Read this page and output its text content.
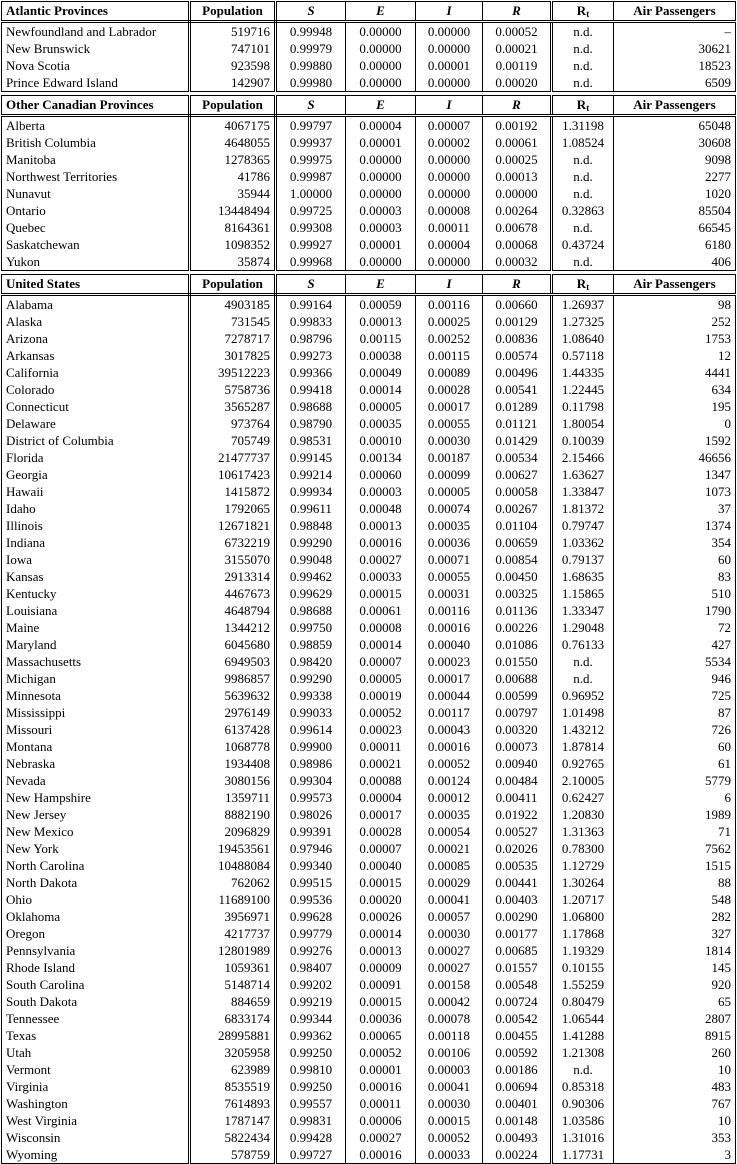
Atlantic Provinces	Population	S	E	I	R	$R_t$	Air Passengers
Newfoundland and Labrador	519716	0.99948	0.00000	0.00000	0.00052	n.d.	–
New Brunswick	747101	0.99979	0.00000	0.00000	0.00021	n.d.	30621
Nova Scotia	923598	0.99880	0.00000	0.00001	0.00119	n.d.	18523
Prince Edward Island	142907	0.99980	0.00000	0.00000	0.00020	n.d.	6509

Other Canadian Provinces	Population	S	E	I	R	$R_t$	Air Passengers
Alberta	4067175	0.99797	0.00004	0.00007	0.00192	1.31198	65048
British Columbia	4648055	0.99937	0.00001	0.00002	0.00061	1.08524	30608
Manitoba	1278365	0.99975	0.00000	0.00000	0.00025	n.d.	9098
Northwest Territories	41786	0.99987	0.00000	0.00000	0.00013	n.d.	2277
Nunavut	35944	1.00000	0.00000	0.00000	0.00000	n.d.	1020
Ontario	13448494	0.99725	0.00003	0.00008	0.00264	0.32863	85504
Quebec	8164361	0.99308	0.00003	0.00011	0.00678	n.d.	66545
Saskatchewan	1098352	0.99927	0.00001	0.00004	0.00068	0.43724	6180
Yukon	35874	0.99968	0.00000	0.00000	0.00032	n.d.	406

United States	Population	S	E	I	R	$R_t$	Air Passengers
Alabama	4903185	0.99164	0.00059	0.00116	0.00660	1.26937	98
Alaska	731545	0.99833	0.00013	0.00025	0.00129	1.27325	252
Arizona	7278717	0.98796	0.00115	0.00252	0.00836	1.08640	1753
Arkansas	3017825	0.99273	0.00038	0.00115	0.00574	0.57118	12
California	39512223	0.99366	0.00049	0.00089	0.00496	1.44335	4441
Colorado	5758736	0.99418	0.00014	0.00028	0.00541	1.22445	634
Connecticut	3565287	0.98688	0.00005	0.00017	0.01289	0.11798	195
Delaware	973764	0.98790	0.00035	0.00055	0.01121	1.80054	0
District of Columbia	705749	0.98531	0.00010	0.00030	0.01429	0.10039	1592
Florida	21477737	0.99145	0.00134	0.00187	0.00534	2.15466	46656
Georgia	10617423	0.99214	0.00060	0.00099	0.00627	1.63627	1347
Hawaii	1415872	0.99934	0.00003	0.00005	0.00058	1.33847	1073
Idaho	1792065	0.99611	0.00048	0.00074	0.00267	1.81372	37
Illinois	12671821	0.98848	0.00013	0.00035	0.01104	0.79747	1374
Indiana	6732219	0.99290	0.00016	0.00036	0.00659	1.03362	354
Iowa	3155070	0.99048	0.00027	0.00071	0.00854	0.79137	60
Kansas	2913314	0.99462	0.00033	0.00055	0.00450	1.68635	83
Kentucky	4467673	0.99629	0.00015	0.00031	0.00325	1.15865	510
Louisiana	4648794	0.98688	0.00061	0.00116	0.01136	1.33347	1790
Maine	1344212	0.99750	0.00008	0.00016	0.00226	1.29048	72
Maryland	6045680	0.98859	0.00014	0.00040	0.01086	0.76133	427
Massachusetts	6949503	0.98420	0.00007	0.00023	0.01550	n.d.	5534
Michigan	9986857	0.99290	0.00005	0.00017	0.00688	n.d.	946
Minnesota	5639632	0.99338	0.00019	0.00044	0.00599	0.96952	725
Mississippi	2976149	0.99033	0.00052	0.00117	0.00797	1.01498	87
Missouri	6137428	0.99614	0.00023	0.00043	0.00320	1.43212	726
Montana	1068778	0.99900	0.00011	0.00016	0.00073	1.87814	60
Nebraska	1934408	0.98986	0.00021	0.00052	0.00940	0.92765	61
Nevada	3080156	0.99304	0.00088	0.00124	0.00484	2.10005	5779
New Hampshire	1359711	0.99573	0.00004	0.00012	0.00411	0.62427	6
New Jersey	8882190	0.98026	0.00017	0.00035	0.01922	1.20830	1989
New Mexico	2096829	0.99391	0.00028	0.00054	0.00527	1.31363	71
New York	19453561	0.97946	0.00007	0.00021	0.02026	0.78300	7562
North Carolina	10488084	0.99340	0.00040	0.00085	0.00535	1.12729	1515
North Dakota	762062	0.99515	0.00015	0.00029	0.00441	1.30264	88
Ohio	11689100	0.99536	0.00020	0.00041	0.00403	1.20717	548
Oklahoma	3956971	0.99628	0.00026	0.00057	0.00290	1.06800	282
Oregon	4217737	0.99779	0.00014	0.00030	0.00177	1.17868	327
Pennsylvania	12801989	0.99276	0.00013	0.00027	0.00685	1.19329	1814
Rhode Island	1059361	0.98407	0.00009	0.00027	0.01557	0.10155	145
South Carolina	5148714	0.99202	0.00091	0.00158	0.00548	1.55259	920
South Dakota	884659	0.99219	0.00015	0.00042	0.00724	0.80479	65
Tennessee	6833174	0.99344	0.00036	0.00078	0.00542	1.06544	2807
Texas	28995881	0.99362	0.00065	0.00118	0.00455	1.41288	8915
Utah	3205958	0.99250	0.00052	0.00106	0.00592	1.21308	260
Vermont	623989	0.99810	0.00001	0.00003	0.00186	n.d.	10
Virginia	8535519	0.99250	0.00016	0.00041	0.00694	0.85318	483
Washington	7614893	0.99557	0.00011	0.00030	0.00401	0.90306	767
West Virginia	1787147	0.99831	0.00006	0.00015	0.00148	1.03586	10
Wisconsin	5822434	0.99428	0.00027	0.00052	0.00493	1.31016	353
Wyoming	578759	0.99727	0.00016	0.00033	0.00224	1.17731	3
